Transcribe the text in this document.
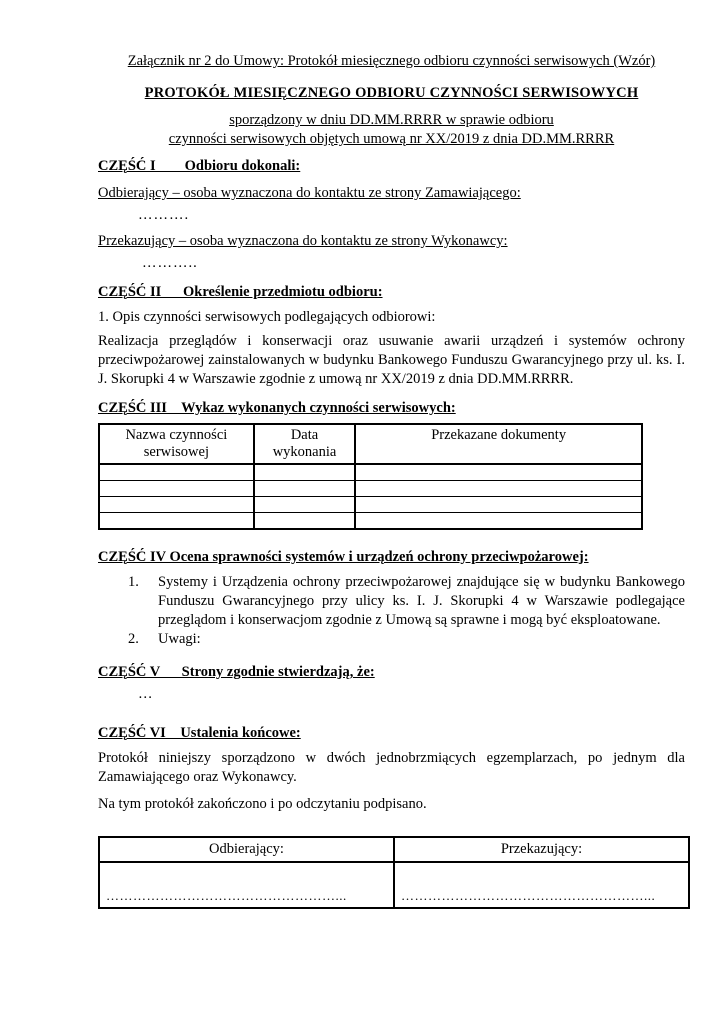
Załącznik nr 2 do Umowy: Protokół miesięcznego odbioru czynności serwisowych (Wzór)
PROTOKÓŁ MIESIĘCZNEGO ODBIORU CZYNNOŚCI SERWISOWYCH
sporządzony w dniu DD.MM.RRRR w sprawie odbioru
czynności serwisowych objętych umową nr XX/2019 z dnia DD.MM.RRRR
CZĘŚĆ I        Odbioru dokonali:
Odbierający – osoba wyznaczona do kontaktu ze strony Zamawiającego:
……….
Przekazujący – osoba wyznaczona do kontaktu ze strony Wykonawcy:
………..
CZĘŚĆ II      Określenie przedmiotu odbioru:
1. Opis czynności serwisowych podlegających odbiorowi:
Realizacja przeglądów i konserwacji oraz usuwanie awarii urządzeń i systemów ochrony przeciwpożarowej zainstalowanych w budynku Bankowego Funduszu Gwarancyjnego przy ul. ks. I. J. Skorupki 4 w Warszawie zgodnie z umową nr XX/2019 z dnia DD.MM.RRRR.
CZĘŚĆ III    Wykaz wykonanych czynności serwisowych:
Nazwa czynności serwisowej	Data wykonania	Przekazane dokumenty

CZĘŚĆ IV Ocena sprawności systemów i urządzeń ochrony przeciwpożarowej:
1.	Systemy i Urządzenia ochrony przeciwpożarowej znajdujące się w budynku Bankowego Funduszu Gwarancyjnego przy ulicy ks. I. J. Skorupki 4 w Warszawie podlegające przeglądom i konserwacjom zgodnie z Umową są sprawne i mogą być eksploatowane.
2.	Uwagi:
CZĘŚĆ V      Strony zgodnie stwierdzają, że:
…
CZĘŚĆ VI    Ustalenia końcowe:
Protokół niniejszy sporządzono w dwóch jednobrzmiących egzemplarzach, po jednym dla Zamawiającego oraz Wykonawcy.
Na tym protokół zakończono i po odczytaniu podpisano.
Odbierający:	Przekazujący:
……………………………………………...	………………………………………………...
